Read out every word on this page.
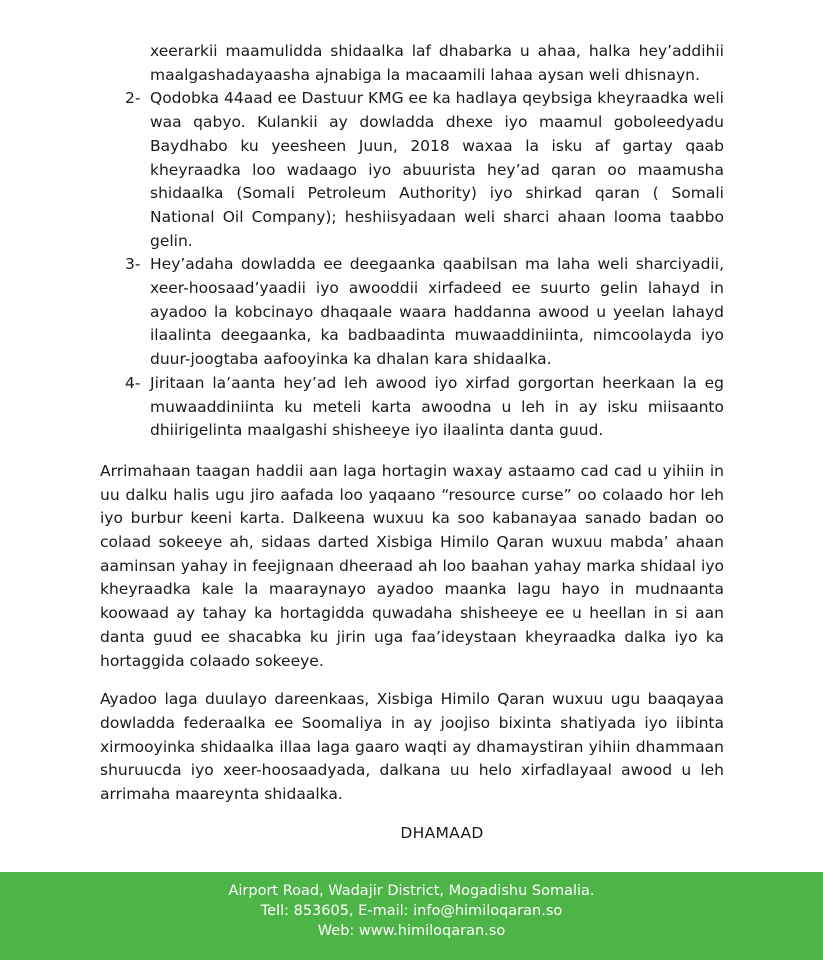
xeerarkii maamulidda shidaalka laf dhabarka u ahaa, halka hey’addihii maalgashadayaasha ajnabiga la macaamili lahaa aysan weli dhisnayn.
2- Qodobka 44aad ee Dastuur KMG ee ka hadlaya qeybsiga kheyraadka weli waa qabyo. Kulankii ay dowladda dhexe iyo maamul goboleedyadu Baydhabo ku yeesheen Juun, 2018 waxaa la isku af gartay qaab kheyraadka loo wadaago iyo abuurista hey’ad qaran oo maamusha shidaalka (Somali Petroleum Authority) iyo shirkad qaran ( Somali National Oil Company); heshiisyadaan weli sharci ahaan looma taabbo gelin.
3- Hey’adaha dowladda ee deegaanka qaabilsan ma laha weli sharciyadii, xeer-hoosaad’yaadii iyo awooddii xirfadeed ee suurto gelin lahayd in ayadoo la kobcinayo dhaqaale waara haddanna awood u yeelan lahayd ilaalinta deegaanka, ka badbaadinta muwaaddiniinta, nimcoolayda iyo duur-joogtaba aafooyinka ka dhalan kara shidaalka.
4- Jiritaan la’aanta hey’ad leh awood iyo xirfad gorgortan heerkaan la eg muwaaddiniinta ku meteli karta awoodna u leh in ay isku miisaanto dhiirigelinta maalgashi shisheeye iyo ilaalinta danta guud.

Arrimahaan taagan haddii aan laga hortagin waxay astaamo cad cad u yihiin in uu dalku halis ugu jiro aafada loo yaqaano “resource curse” oo colaado hor leh iyo burbur keeni karta. Dalkeena wuxuu ka soo kabanayaa sanado badan oo colaad sokeeye ah, sidaas darted Xisbiga Himilo Qaran wuxuu mabda’ ahaan aaminsan yahay in feejignaan dheeraad ah loo baahan yahay marka shidaal iyo kheyraadka kale la maaraynayo ayadoo maanka lagu hayo in mudnaanta koowaad ay tahay ka hortagidda quwadaha shisheeye ee u heellan in si aan danta guud ee shacabka ku jirin uga faa’ideystaan kheyraadka dalka iyo ka hortaggida colaado sokeeye.

Ayadoo laga duulayo dareenkaas, Xisbiga Himilo Qaran wuxuu ugu baaqayaa dowladda federaalka ee Soomaliya in ay joojiso bixinta shatiyada iyo iibinta xirmooyinka shidaalka illaa laga gaaro waqti ay dhamaystiran yihiin dhammaan shuruucda iyo xeer-hoosaadyada, dalkana uu helo xirfadlayaal awood u leh arrimaha maareynta shidaalka.

DHAMAAD
Airport Road, Wadajir District, Mogadishu Somalia.
Tell: 853605, E-mail: info@himiloqaran.so
Web: www.himiloqaran.so
